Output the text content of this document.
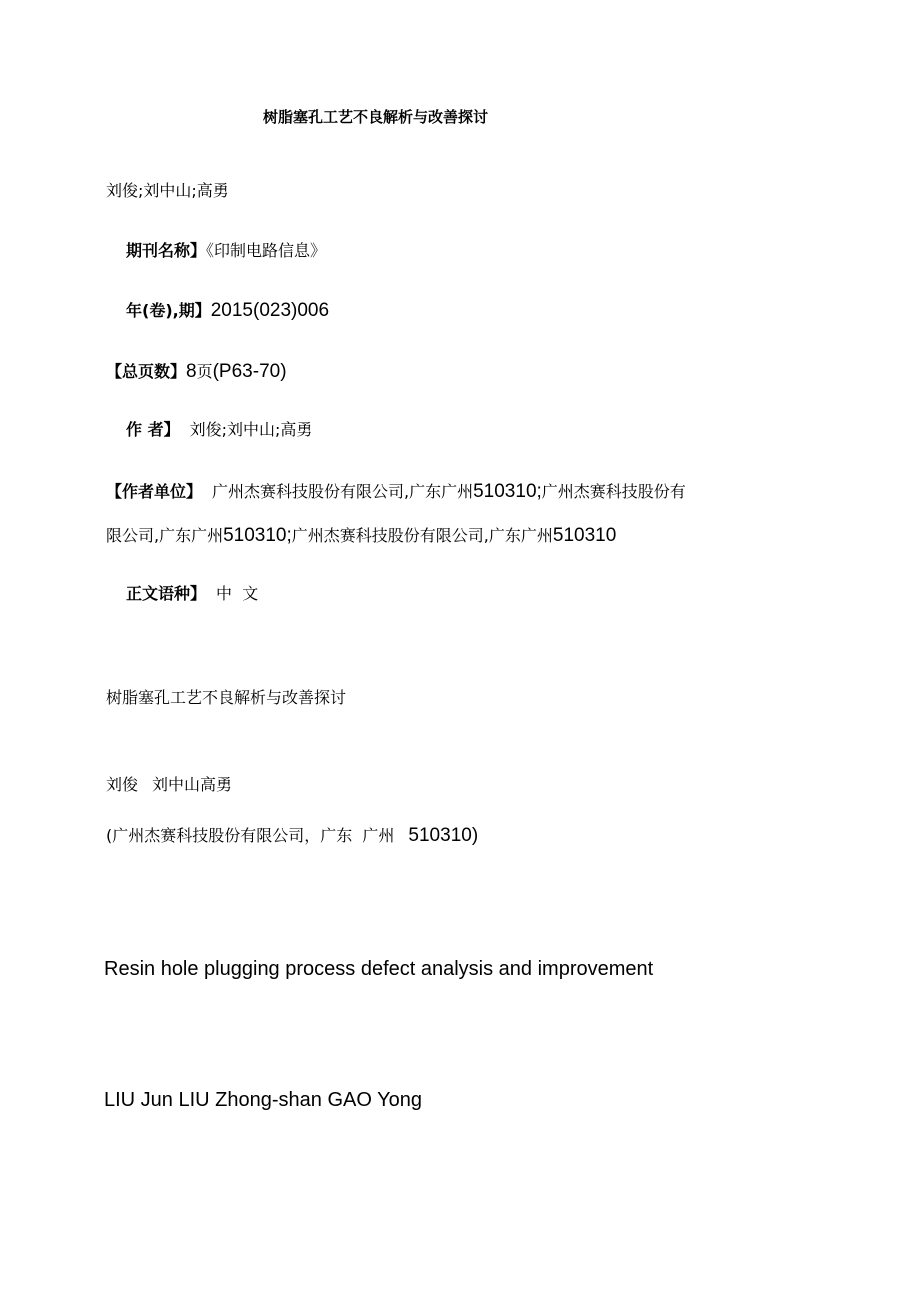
树脂塞孔工艺不良解析与改善探讨
刘俊;刘中山;高勇
期刊名称】《印制电路信息》
年(卷),期】2015(023)006
【总页数】8页(P63-70)
作 者】 刘俊;刘中山;高勇
【作者单位】 广州杰赛科技股份有限公司,广东广州510310;广州杰赛科技股份有
限公司,广东广州510310;广州杰赛科技股份有限公司,广东广州510310
正文语种】 中  文
树脂塞孔工艺不良解析与改善探讨
刘俊 刘中山高勇
(广州杰赛科技股份有限公司，广东  广州 510310)
Resin hole plugging process defect analysis and improvement
LIU Jun LIU Zhong-shan GAO Yong
